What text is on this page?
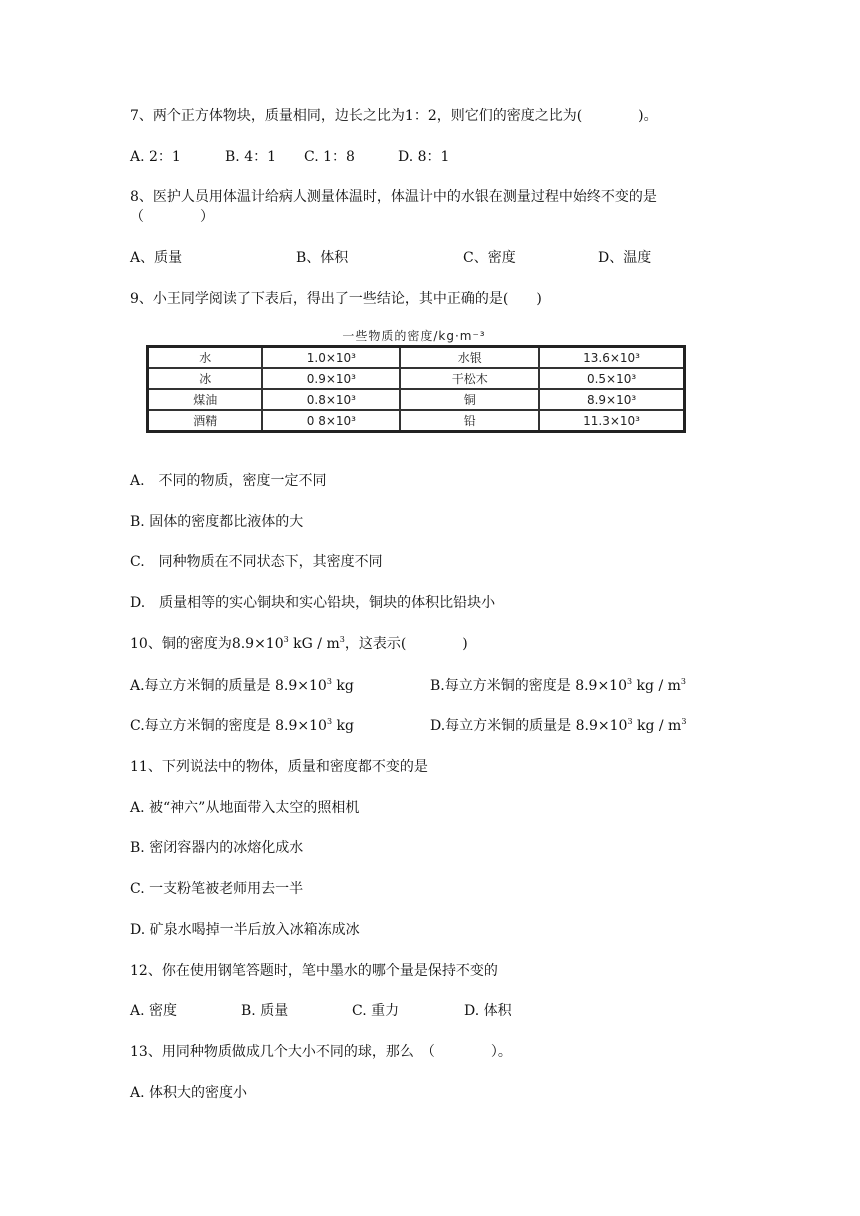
7、两个正方体物块，质量相同，边长之比为1：2，则它们的密度之比为(　　　　)。
A. 2：1	B. 4：1 C. 1：8	D. 8：1
8、医护人员用体温计给病人测量体温时，体温计中的水银在测量过程中始终不变的是
（　　　　）
A、质量	B、体积	C、密度	D、温度
9、小王同学阅读了下表后，得出了一些结论，其中正确的是(　　)
一些物质的密度/kg·m⁻³
水	1.0×10³	水银	13.6×10³
冰	0.9×10³	干松木	0.5×10³
煤油	0.8×10³	铜	8.9×10³
酒精	0 8×10³	铅	11.3×10³
A.　不同的物质，密度一定不同
B. 固体的密度都比液体的大
C.　同种物质在不同状态下，其密度不同
D.　质量相等的实心铜块和实心铅块，铜块的体积比铅块小
10、铜的密度为$8.9\times 10^3$ kG / $m^3$，这表示(　　　　)
A.每立方米铜的质量是 $8.9\times 10^3$ kg	B.每立方米铜的密度是 $8.9\times 10^3$ kg / $m^3$
C.每立方米铜的密度是 $8.9\times 10^3$ kg	D.每立方米铜的质量是 $8.9\times 10^3$ kg / $m^3$
11、下列说法中的物体，质量和密度都不变的是
A. 被“神六”从地面带入太空的照相机
B. 密闭容器内的冰熔化成水
C. 一支粉笔被老师用去一半
D. 矿泉水喝掉一半后放入冰箱冻成冰
12、你在使用钢笔答题时，笔中墨水的哪个量是保持不变的
A. 密度	B. 质量	C. 重力	D. 体积
13、用同种物质做成几个大小不同的球，那么　（　　　　）。
A. 体积大的密度小
